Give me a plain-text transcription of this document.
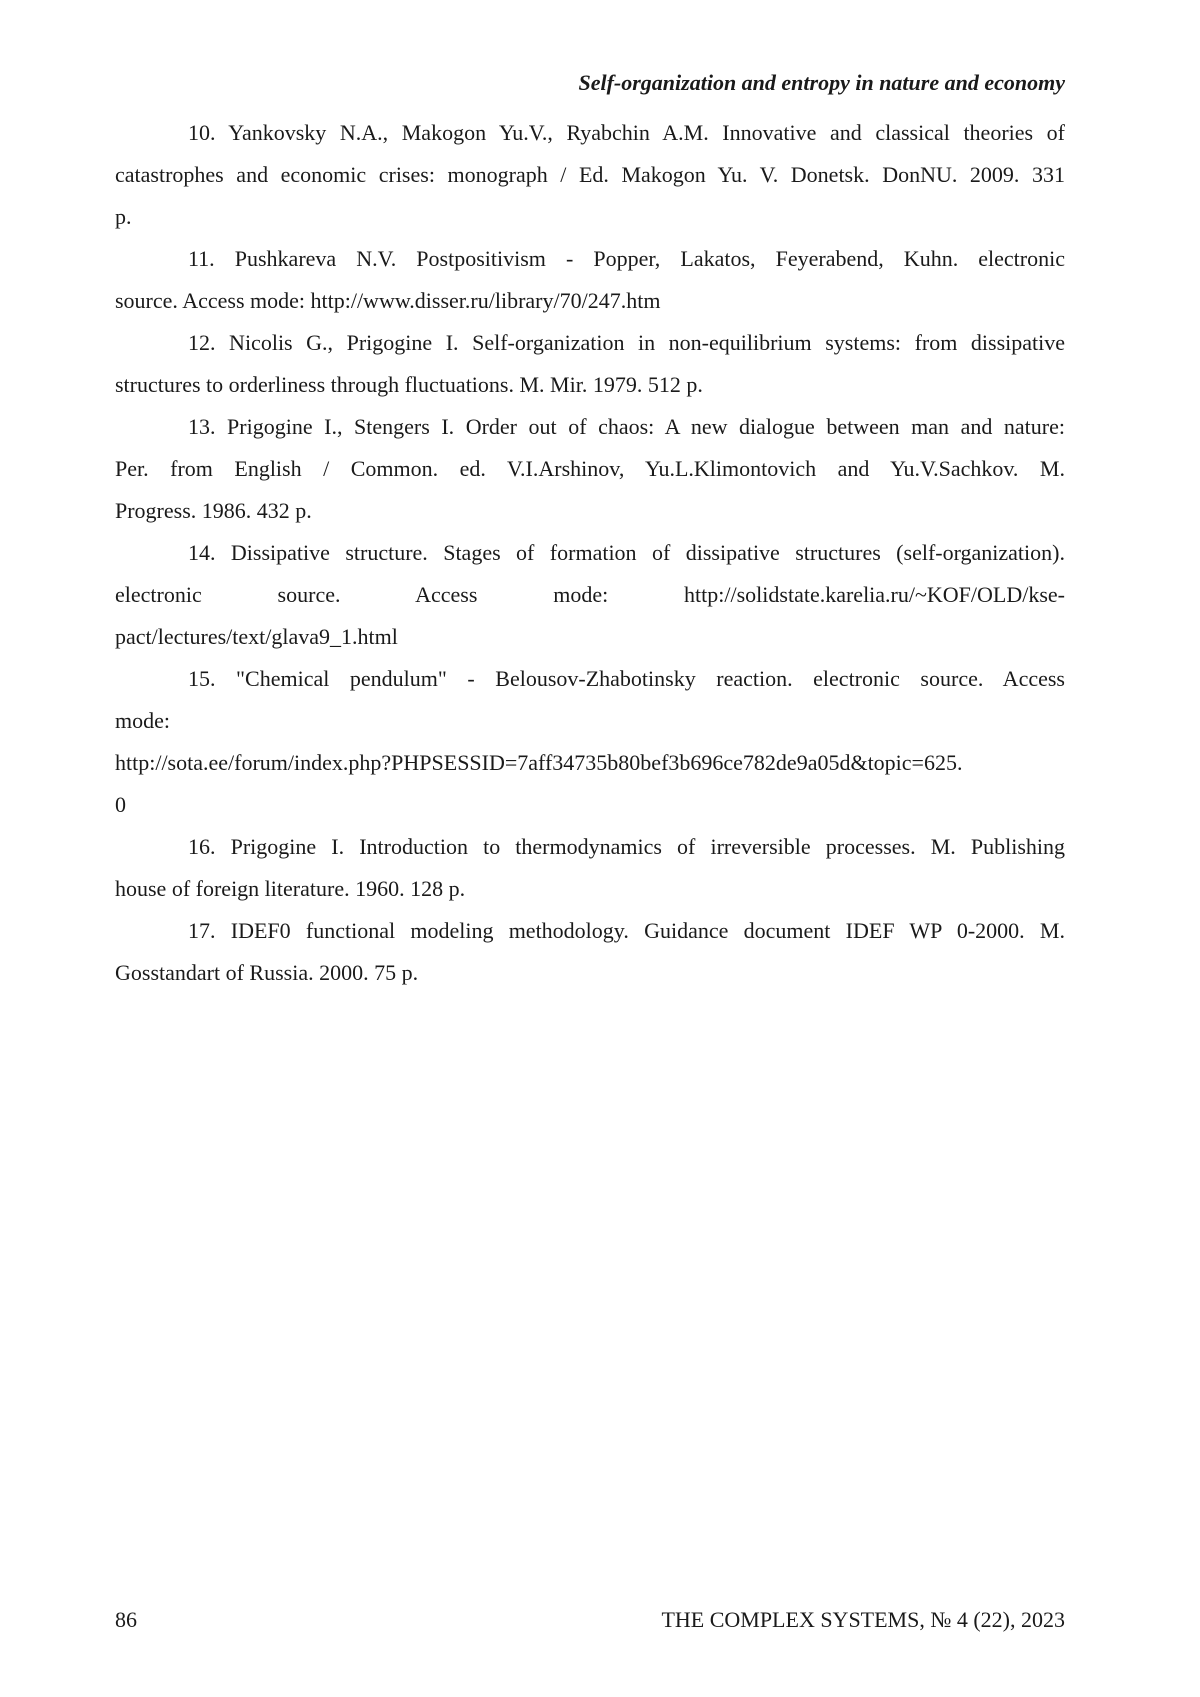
Self-organization and entropy in nature and economy
10. Yankovsky N.A., Makogon Yu.V., Ryabchin A.M. Innovative and classical theories of
catastrophes and economic crises: monograph / Ed. Makogon Yu. V. Donetsk. DonNU. 2009. 331
p.
11. Pushkareva N.V. Postpositivism - Popper, Lakatos, Feyerabend, Kuhn. electronic
source. Access mode: http://www.disser.ru/library/70/247.htm
12. Nicolis G., Prigogine I. Self-organization in non-equilibrium systems: from dissipative
structures to orderliness through fluctuations. M. Mir. 1979. 512 p.
13. Prigogine I., Stengers I. Order out of chaos: A new dialogue between man and nature:
Per. from English / Common. ed. V.I.Arshinov, Yu.L.Klimontovich and Yu.V.Sachkov. M.
Progress. 1986. 432 p.
14. Dissipative structure. Stages of formation of dissipative structures (self-organization).
electronic source. Access mode: http://solidstate.karelia.ru/~KOF/OLD/kse-
pact/lectures/text/glava9_1.html
15. "Chemical pendulum" - Belousov-Zhabotinsky reaction. electronic source. Access
mode:
http://sota.ee/forum/index.php?PHPSESSID=7aff34735b80bef3b696ce782de9a05d&topic=625.
0
16. Prigogine I. Introduction to thermodynamics of irreversible processes. M. Publishing
house of foreign literature. 1960. 128 p.
17. IDEF0 functional modeling methodology. Guidance document IDEF WP 0-2000. M.
Gosstandart of Russia. 2000. 75 p.
86	THE COMPLEX SYSTEMS, № 4 (22), 2023
